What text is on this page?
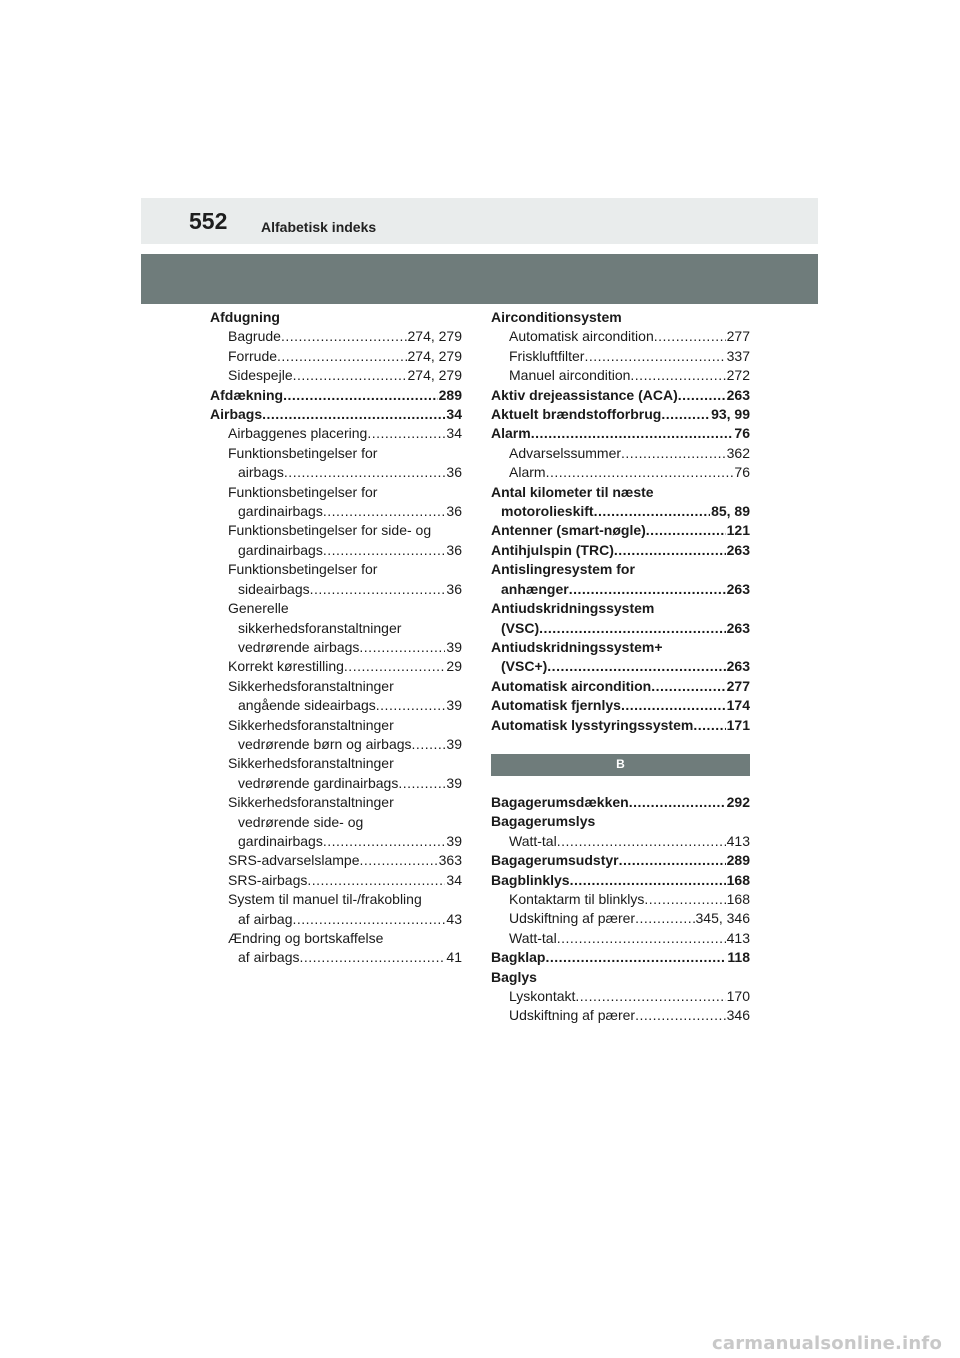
552 Alfabetisk indeks
Afdugning
Bagrude .....	274, 279
Forrude .....	274, 279
Sidespejle .....	274, 279
Afdækning .....	289
Airbags .....	34
Airbaggenes placering .....	34
Funktionsbetingelser for
airbags .....	36
Funktionsbetingelser for
gardinairbags .....	36
Funktionsbetingelser for side- og
gardinairbags .....	36
Funktionsbetingelser for
sideairbags .....	36
Generelle
sikkerhedsforanstaltninger
vedrørende airbags .....	39
Korrekt kørestilling .....	29
Sikkerhedsforanstaltninger
angående sideairbags .....	39
Sikkerhedsforanstaltninger
vedrørende børn og airbags ..... 39
Sikkerhedsforanstaltninger
vedrørende gardinairbags .....	39
Sikkerhedsforanstaltninger
vedrørende side- og
gardinairbags .....	39
SRS-advarselslampe .....	363
SRS-airbags .....	34
System til manuel til-/frakobling
af airbag .....	43
Ændring og bortskaffelse
af airbags .....	41
Airconditionsystem
Automatisk aircondition .....	277
Friskluftfilter .....	337
Manuel aircondition .....	272
Aktiv drejeassistance (ACA) .....	263
Aktuelt brændstofforbrug .....	93, 99
Alarm .....	76
Advarselssummer .....	362
Alarm .....	76
Antal kilometer til næste
motorolieskift .....	85, 89
Antenner (smart-nøgle) .....	121
Antihjulspin (TRC) .....	263
Antislingresystem for
anhænger .....	263
Antiudskridningssystem
(VSC) .....	263
Antiudskridningssystem+
(VSC+) .....	263
Automatisk aircondition .....	277
Automatisk fjernlys .....	174
Automatisk lysstyringssystem ..... 171
B
Bagagerumsdækken .....	292
Bagagerumslys
Watt-tal .....	413
Bagagerumsudstyr .....	289
Bagblinklys .....	168
Kontaktarm til blinklys .....	168
Udskiftning af pærer .....	345, 346
Watt-tal .....	413
Bagklap .....	118
Baglys
Lyskontakt .....	170
Udskiftning af pærer .....	346
carmanualsonline.info
